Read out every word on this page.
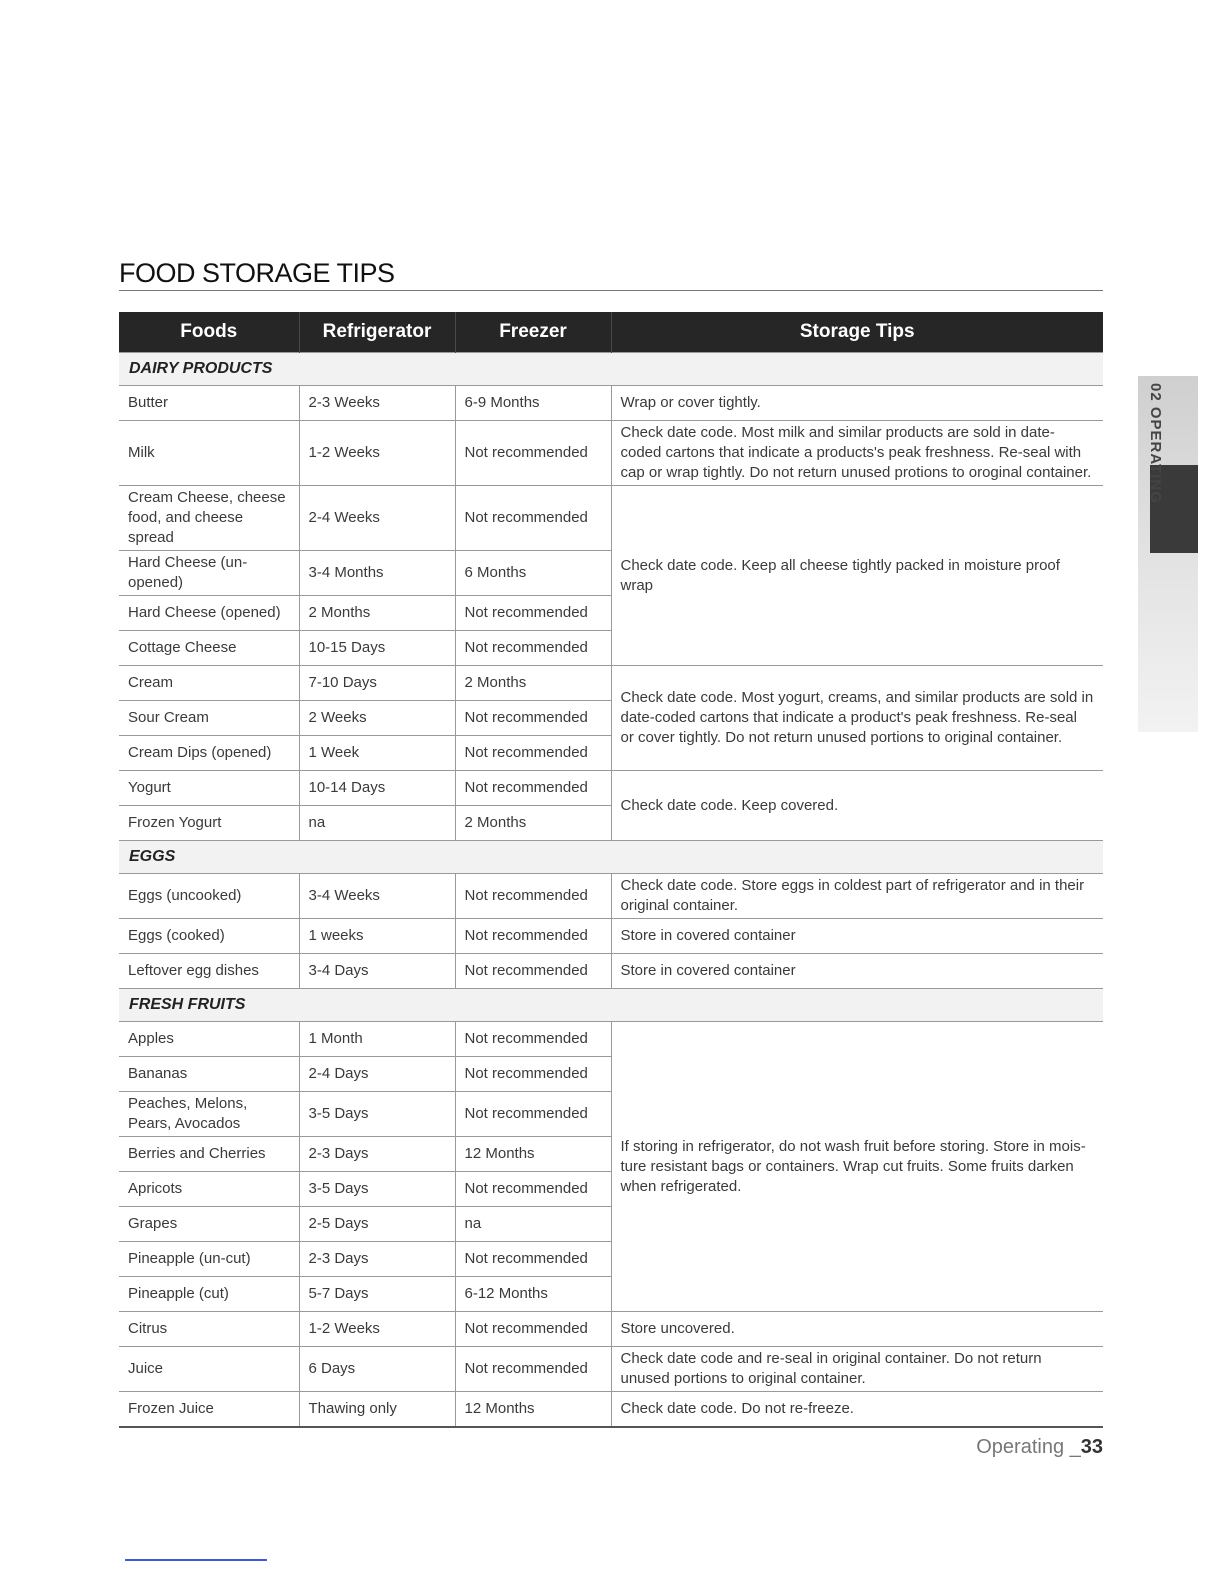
FOOD STORAGE TIPS
Foods	Refrigerator	Freezer	Storage Tips
DAIRY PRODUCTS			
Butter	2-3 Weeks	6-9 Months	Wrap or cover tightly.
Milk	1-2 Weeks	Not recommended	Check date code. Most milk and similar products are sold in date-coded cartons that indicate a products's peak freshness. Re-seal with cap or wrap tightly. Do not return unused protions to oroginal container.
Cream Cheese, cheese food, and cheese spread	2-4 Weeks	Not recommended	Check date code. Keep all cheese tightly packed in moisture proof wrap
Hard Cheese (un-opened)	3-4 Months	6 Months	
Hard Cheese (opened)	2 Months	Not recommended	
Cottage Cheese	10-15 Days	Not recommended	
Cream	7-10 Days	2 Months	Check date code. Most yogurt, creams, and similar products are sold in date-coded cartons that indicate a product's peak freshness. Re-seal or cover tightly. Do not return unused portions to original container.
Sour Cream	2 Weeks	Not recommended	
Cream Dips (opened)	1 Week	Not recommended	
Yogurt	10-14 Days	Not recommended	Check date code. Keep covered.
Frozen Yogurt	na	2 Months	
EGGS			
Eggs (uncooked)	3-4 Weeks	Not recommended	Check date code. Store eggs in coldest part of refrigerator and in their original container.
Eggs (cooked)	1 weeks	Not recommended	Store in covered container
Leftover egg dishes	3-4 Days	Not recommended	Store in covered container
FRESH FRUITS			
Apples	1 Month	Not recommended	If storing in refrigerator, do not wash fruit before storing. Store in mois-ture resistant bags or containers. Wrap cut fruits. Some fruits darken when refrigerated.
Bananas	2-4 Days	Not recommended	
Peaches, Melons, Pears, Avocados	3-5 Days	Not recommended	
Berries and Cherries	2-3 Days	12 Months	
Apricots	3-5 Days	Not recommended	
Grapes	2-5 Days	na	
Pineapple (un-cut)	2-3 Days	Not recommended	
Pineapple (cut)	5-7 Days	6-12 Months	
Citrus	1-2 Weeks	Not recommended	Store uncovered.
Juice	6 Days	Not recommended	Check date code and re-seal in original container. Do not return unused portions to original container.
Frozen Juice	Thawing only	12 Months	Check date code. Do not re-freeze.
02 OPERATING
Operating _33
